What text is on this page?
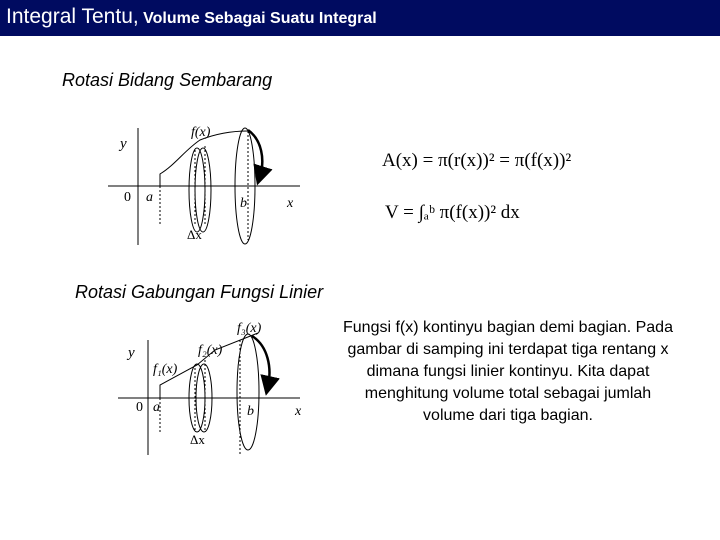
Integral Tentu, Volume Sebagai Suatu Integral
Rotasi Bidang Sembarang
Rotasi Gabungan Fungsi Linier
y
f(x)
0 a	b	x
Δx
f₃(x)
f₂(x)
f₁(x)
y
0 a	b	x
Δx
A(x) = π(r(x))² = π(f(x))²
V = ∫ₐᵇ π(f(x))² dx
Fungsi f(x) kontinyu bagian demi bagian. Pada gambar di samping ini terdapat tiga rentang x dimana fungsi linier kontinyu. Kita dapat menghitung volume total sebagai jumlah volume dari tiga bagian.
